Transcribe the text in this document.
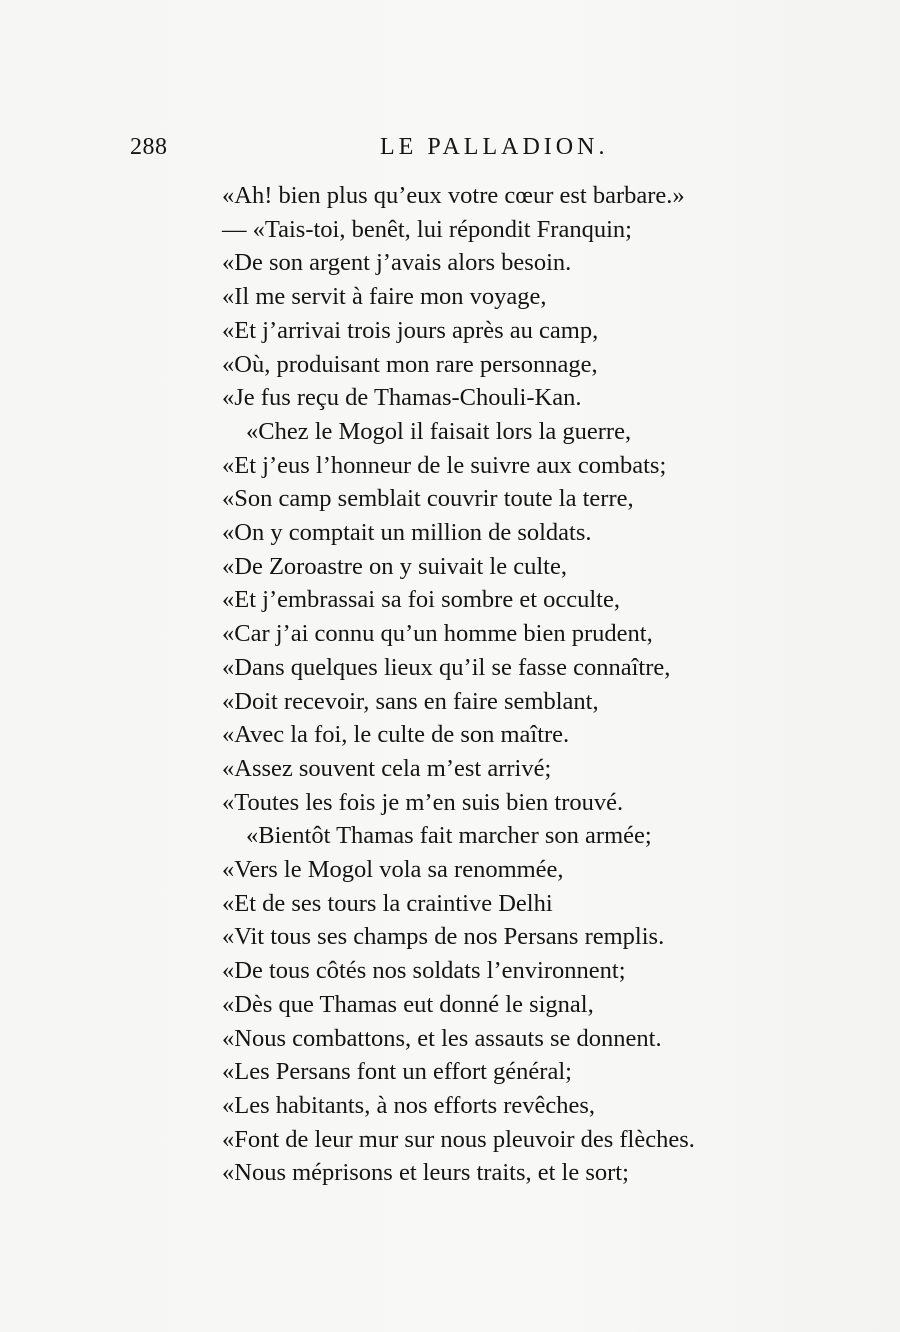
288	LE PALLADION.
«Ah! bien plus qu’eux votre cœur est barbare.»
— «Tais-toi, benêt, lui répondit Franquin;
«De son argent j’avais alors besoin.
«Il me servit à faire mon voyage,
«Et j’arrivai trois jours après au camp,
«Où, produisant mon rare personnage,
«Je fus reçu de Thamas-Chouli-Kan.
«Chez le Mogol il faisait lors la guerre,
«Et j’eus l’honneur de le suivre aux combats;
«Son camp semblait couvrir toute la terre,
«On y comptait un million de soldats.
«De Zoroastre on y suivait le culte,
«Et j’embrassai sa foi sombre et occulte,
«Car j’ai connu qu’un homme bien prudent,
«Dans quelques lieux qu’il se fasse connaître,
«Doit recevoir, sans en faire semblant,
«Avec la foi, le culte de son maître.
«Assez souvent cela m’est arrivé;
«Toutes les fois je m’en suis bien trouvé.
«Bientôt Thamas fait marcher son armée;
«Vers le Mogol vola sa renommée,
«Et de ses tours la craintive Delhi
«Vit tous ses champs de nos Persans remplis.
«De tous côtés nos soldats l’environnent;
«Dès que Thamas eut donné le signal,
«Nous combattons, et les assauts se donnent.
«Les Persans font un effort général;
«Les habitants, à nos efforts revêches,
«Font de leur mur sur nous pleuvoir des flèches.
«Nous méprisons et leurs traits, et le sort;
